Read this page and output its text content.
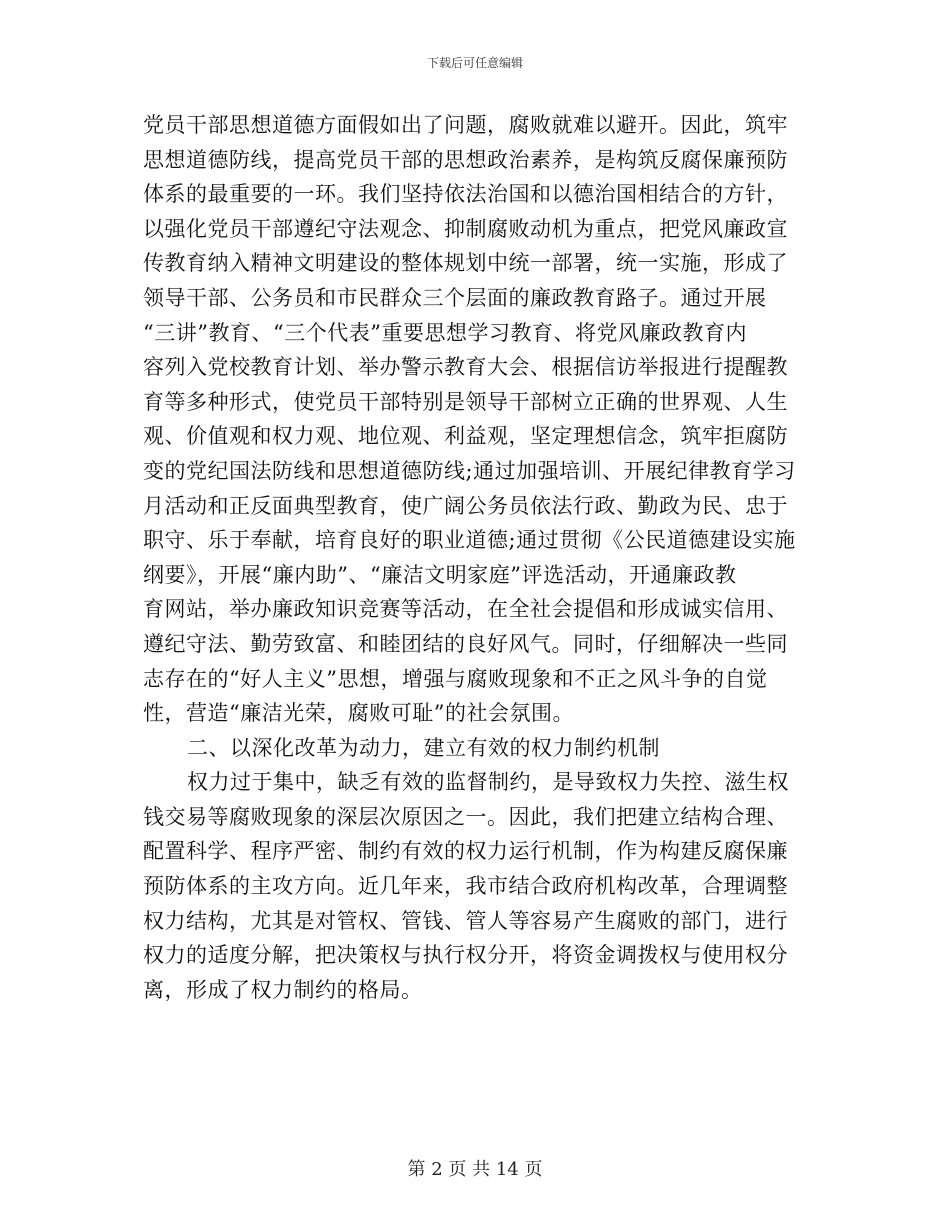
下载后可任意编辑
党员干部思想道德方面假如出了问题，腐败就难以避开。因此，筑牢
思想道德防线，提高党员干部的思想政治素养，是构筑反腐保廉预防
体系的最重要的一环。我们坚持依法治国和以德治国相结合的方针，
以强化党员干部遵纪守法观念、抑制腐败动机为重点，把党风廉政宣
传教育纳入精神文明建设的整体规划中统一部署，统一实施，形成了
领导干部、公务员和市民群众三个层面的廉政教育路子。通过开展
“三讲”教育、“三个代表”重要思想学习教育、将党风廉政教育内
容列入党校教育计划、举办警示教育大会、根据信访举报进行提醒教
育等多种形式，使党员干部特别是领导干部树立正确的世界观、人生
观、价值观和权力观、地位观、利益观，坚定理想信念，筑牢拒腐防
变的党纪国法防线和思想道德防线;通过加强培训、开展纪律教育学习
月活动和正反面典型教育，使广阔公务员依法行政、勤政为民、忠于
职守、乐于奉献，培育良好的职业道德;通过贯彻《公民道德建设实施
纲要》，开展“廉内助”、“廉洁文明家庭”评选活动，开通廉政教
育网站，举办廉政知识竞赛等活动，在全社会提倡和形成诚实信用、
遵纪守法、勤劳致富、和睦团结的良好风气。同时，仔细解决一些同
志存在的“好人主义”思想，增强与腐败现象和不正之风斗争的自觉
性，营造“廉洁光荣，腐败可耻”的社会氛围。
二、以深化改革为动力，建立有效的权力制约机制
权力过于集中，缺乏有效的监督制约，是导致权力失控、滋生权
钱交易等腐败现象的深层次原因之一。因此，我们把建立结构合理、
配置科学、程序严密、制约有效的权力运行机制，作为构建反腐保廉
预防体系的主攻方向。近几年来，我市结合政府机构改革，合理调整
权力结构，尤其是对管权、管钱、管人等容易产生腐败的部门，进行
权力的适度分解，把决策权与执行权分开，将资金调拨权与使用权分
离，形成了权力制约的格局。
第 2 页 共 14 页
